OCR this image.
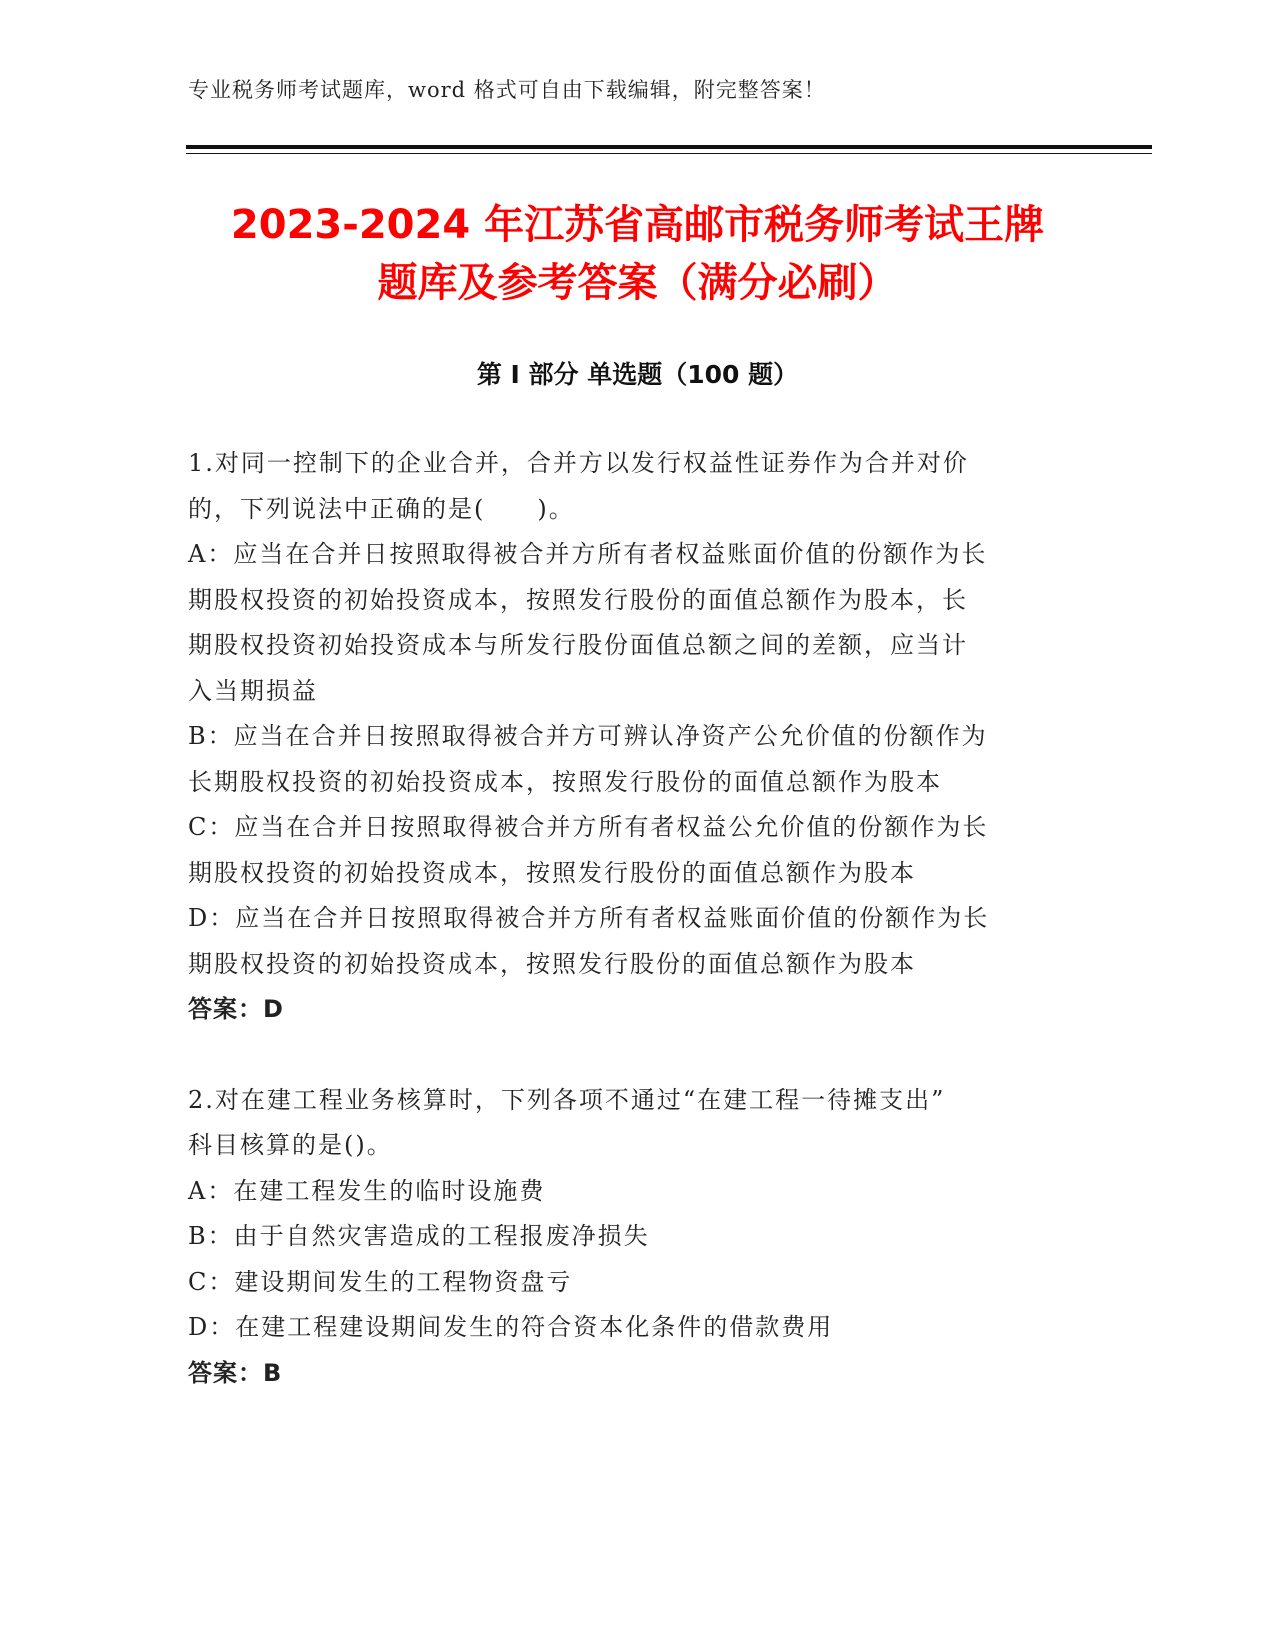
专业税务师考试题库，word 格式可自由下载编辑，附完整答案！
2023-2024 年江苏省高邮市税务师考试王牌
题库及参考答案（满分必刷）
第 I 部分 单选题（100 题）

1.对同一控制下的企业合并，合并方以发行权益性证券作为合并对价

的，下列说法中正确的是(　　)。

A：应当在合并日按照取得被合并方所有者权益账面价值的份额作为长

期股权投资的初始投资成本，按照发行股份的面值总额作为股本，长

期股权投资初始投资成本与所发行股份面值总额之间的差额，应当计

入当期损益

B：应当在合并日按照取得被合并方可辨认净资产公允价值的份额作为

长期股权投资的初始投资成本，按照发行股份的面值总额作为股本

C：应当在合并日按照取得被合并方所有者权益公允价值的份额作为长

期股权投资的初始投资成本，按照发行股份的面值总额作为股本

D：应当在合并日按照取得被合并方所有者权益账面价值的份额作为长

期股权投资的初始投资成本，按照发行股份的面值总额作为股本

答案：D

2.对在建工程业务核算时，下列各项不通过“在建工程一待摊支出”

科目核算的是()。

A：在建工程发生的临时设施费

B：由于自然灾害造成的工程报废净损失

C：建设期间发生的工程物资盘亏

D：在建工程建设期间发生的符合资本化条件的借款费用

答案：B
